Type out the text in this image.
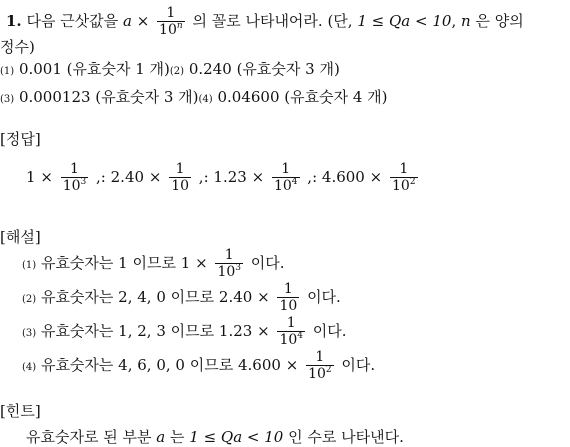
1. 다음 근삿값을 $a \times \frac{1}{10^n}$ 의 꼴로 나타내어라. (단, 1 ≤ Qa < 10, n 은 양의
정수)
(1) 0.001 (유효숫자 1 개)(2) 0.240 (유효숫자 3 개)
(3) 0.000123 (유효숫자 3 개)(4) 0.04600 (유효숫자 4 개)
[정답]
$1 \times \frac{1}{10^3}$ ,: $2.40 \times \frac{1}{10}$ ,: $1.23 \times \frac{1}{10^4}$ ,: $4.600 \times \frac{1}{10^2}$
[해설]
(1) 유효숫자는 1 이므로 $1 \times \frac{1}{10^3}$ 이다.
(2) 유효숫자는 2, 4, 0 이므로 $2.40 \times \frac{1}{10}$ 이다.
(3) 유효숫자는 1, 2, 3 이므로 $1.23 \times \frac{1}{10^4}$ 이다.
(4) 유효숫자는 4, 6, 0, 0 이므로 $4.600 \times \frac{1}{10^2}$ 이다.
[힌트]
유효숫자로 된 부분 a 는 1 ≤ Qa < 10 인 수로 나타낸다.
